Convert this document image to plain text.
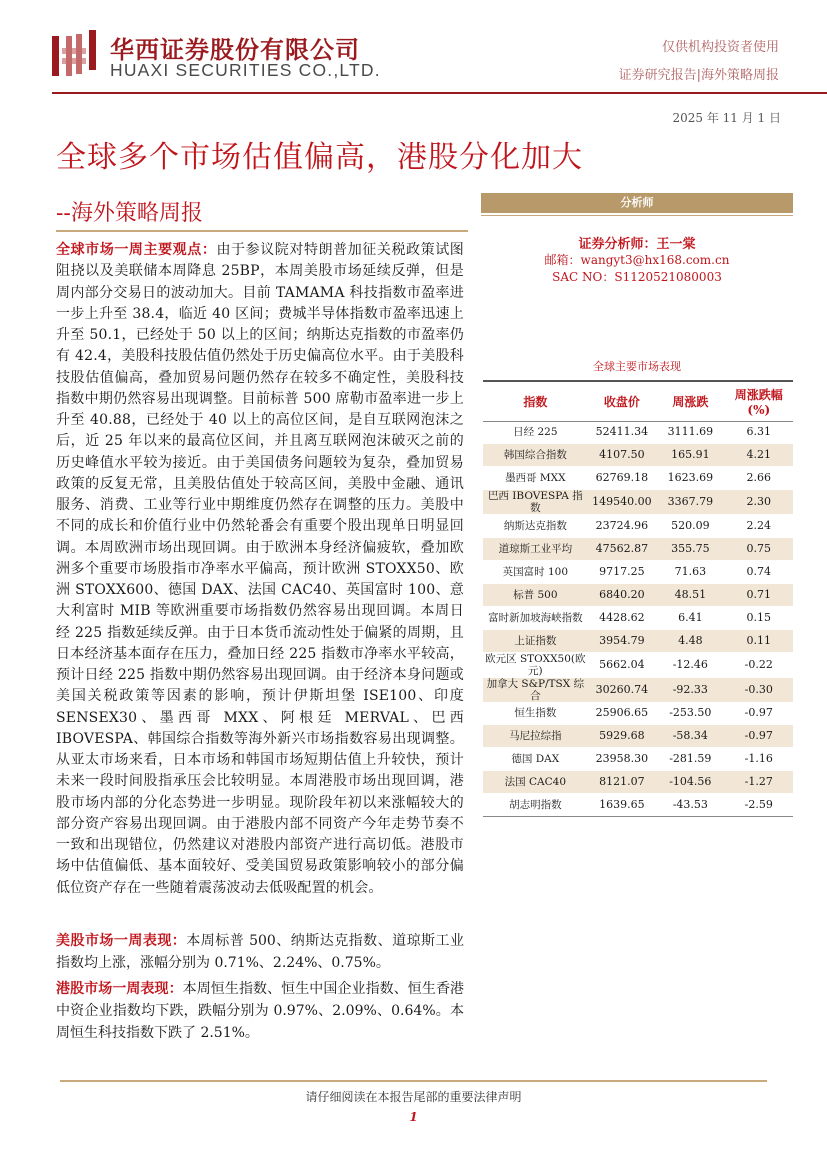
华西证券股份有限公司
HUAXI SECURITIES CO.,LTD.
仅供机构投资者使用
证券研究报告|海外策略周报
2025 年 11 月 1 日
全球多个市场估值偏高，港股分化加大
--海外策略周报
全球市场一周主要观点：由于参议院对特朗普加征关税政策试图阻挠以及美联储本周降息 25BP，本周美股市场延续反弹，但是周内部分交易日的波动加大。目前 TAMAMA 科技指数市盈率进一步上升至 38.4，临近 40 区间；费城半导体指数市盈率迅速上升至 50.1，已经处于 50 以上的区间；纳斯达克指数的市盈率仍有 42.4，美股科技股估值仍然处于历史偏高位水平。由于美股科技股估值偏高，叠加贸易问题仍然存在较多不确定性，美股科技指数中期仍然容易出现调整。目前标普 500 席勒市盈率进一步上升至 40.88，已经处于 40 以上的高位区间，是自互联网泡沫之后，近 25 年以来的最高位区间，并且离互联网泡沫破灭之前的历史峰值水平较为接近。由于美国债务问题较为复杂，叠加贸易政策的反复无常，且美股估值处于较高区间，美股中金融、通讯服务、消费、工业等行业中期维度仍然存在调整的压力。美股中不同的成长和价值行业中仍然轮番会有重要个股出现单日明显回调。本周欧洲市场出现回调。由于欧洲本身经济偏疲软，叠加欧洲多个重要市场股指市净率水平偏高，预计欧洲 STOXX50、欧洲 STOXX600、德国 DAX、法国 CAC40、英国富时 100、意大利富时 MIB 等欧洲重要市场指数仍然容易出现回调。本周日经 225 指数延续反弹。由于日本货币流动性处于偏紧的周期，且日本经济基本面存在压力，叠加日经 225 指数市净率水平较高，预计日经 225 指数中期仍然容易出现回调。由于经济本身问题或美国关税政策等因素的影响，预计伊斯坦堡 ISE100、印度 SENSEX30、墨西哥 MXX、阿根廷 MERVAL、巴西 IBOVESPA、韩国综合指数等海外新兴市场指数容易出现调整。从亚太市场来看，日本市场和韩国市场短期估值上升较快，预计未来一段时间股指承压会比较明显。本周港股市场出现回调，港股市场内部的分化态势进一步明显。现阶段年初以来涨幅较大的部分资产容易出现回调。由于港股内部不同资产今年走势节奏不一致和出现错位，仍然建议对港股内部资产进行高切低。港股市场中估值偏低、基本面较好、受美国贸易政策影响较小的部分偏低位资产存在一些随着震荡波动去低吸配置的机会。
美股市场一周表现：本周标普 500、纳斯达克指数、道琼斯工业指数均上涨，涨幅分别为 0.71%、2.24%、0.75%。
港股市场一周表现：本周恒生指数、恒生中国企业指数、恒生香港中资企业指数均下跌，跌幅分别为 0.97%、2.09%、0.64%。本周恒生科技指数下跌了 2.51%。
分析师
证券分析师：王一棠
邮箱：wangyt3@hx168.com.cn
SAC NO：S1120521080003
全球主要市场表现
指数	收盘价	周涨跌	周涨跌幅(%)
日经 225	52411.34	3111.69	6.31
韩国综合指数	4107.50	165.91	4.21
墨西哥 MXX	62769.18	1623.69	2.66
巴西 IBOVESPA 指数	149540.00	3367.79	2.30
纳斯达克指数	23724.96	520.09	2.24
道琼斯工业平均	47562.87	355.75	0.75
英国富时 100	9717.25	71.63	0.74
标普 500	6840.20	48.51	0.71
富时新加坡海峡指数	4428.62	6.41	0.15
上证指数	3954.79	4.48	0.11
欧元区 STOXX50(欧元)	5662.04	-12.46	-0.22
加拿大 S&P/TSX 综合	30260.74	-92.33	-0.30
恒生指数	25906.65	-253.50	-0.97
马尼拉综指	5929.68	-58.34	-0.97
德国 DAX	23958.30	-281.59	-1.16
法国 CAC40	8121.07	-104.56	-1.27
胡志明指数	1639.65	-43.53	-2.59
请仔细阅读在本报告尾部的重要法律声明
1
